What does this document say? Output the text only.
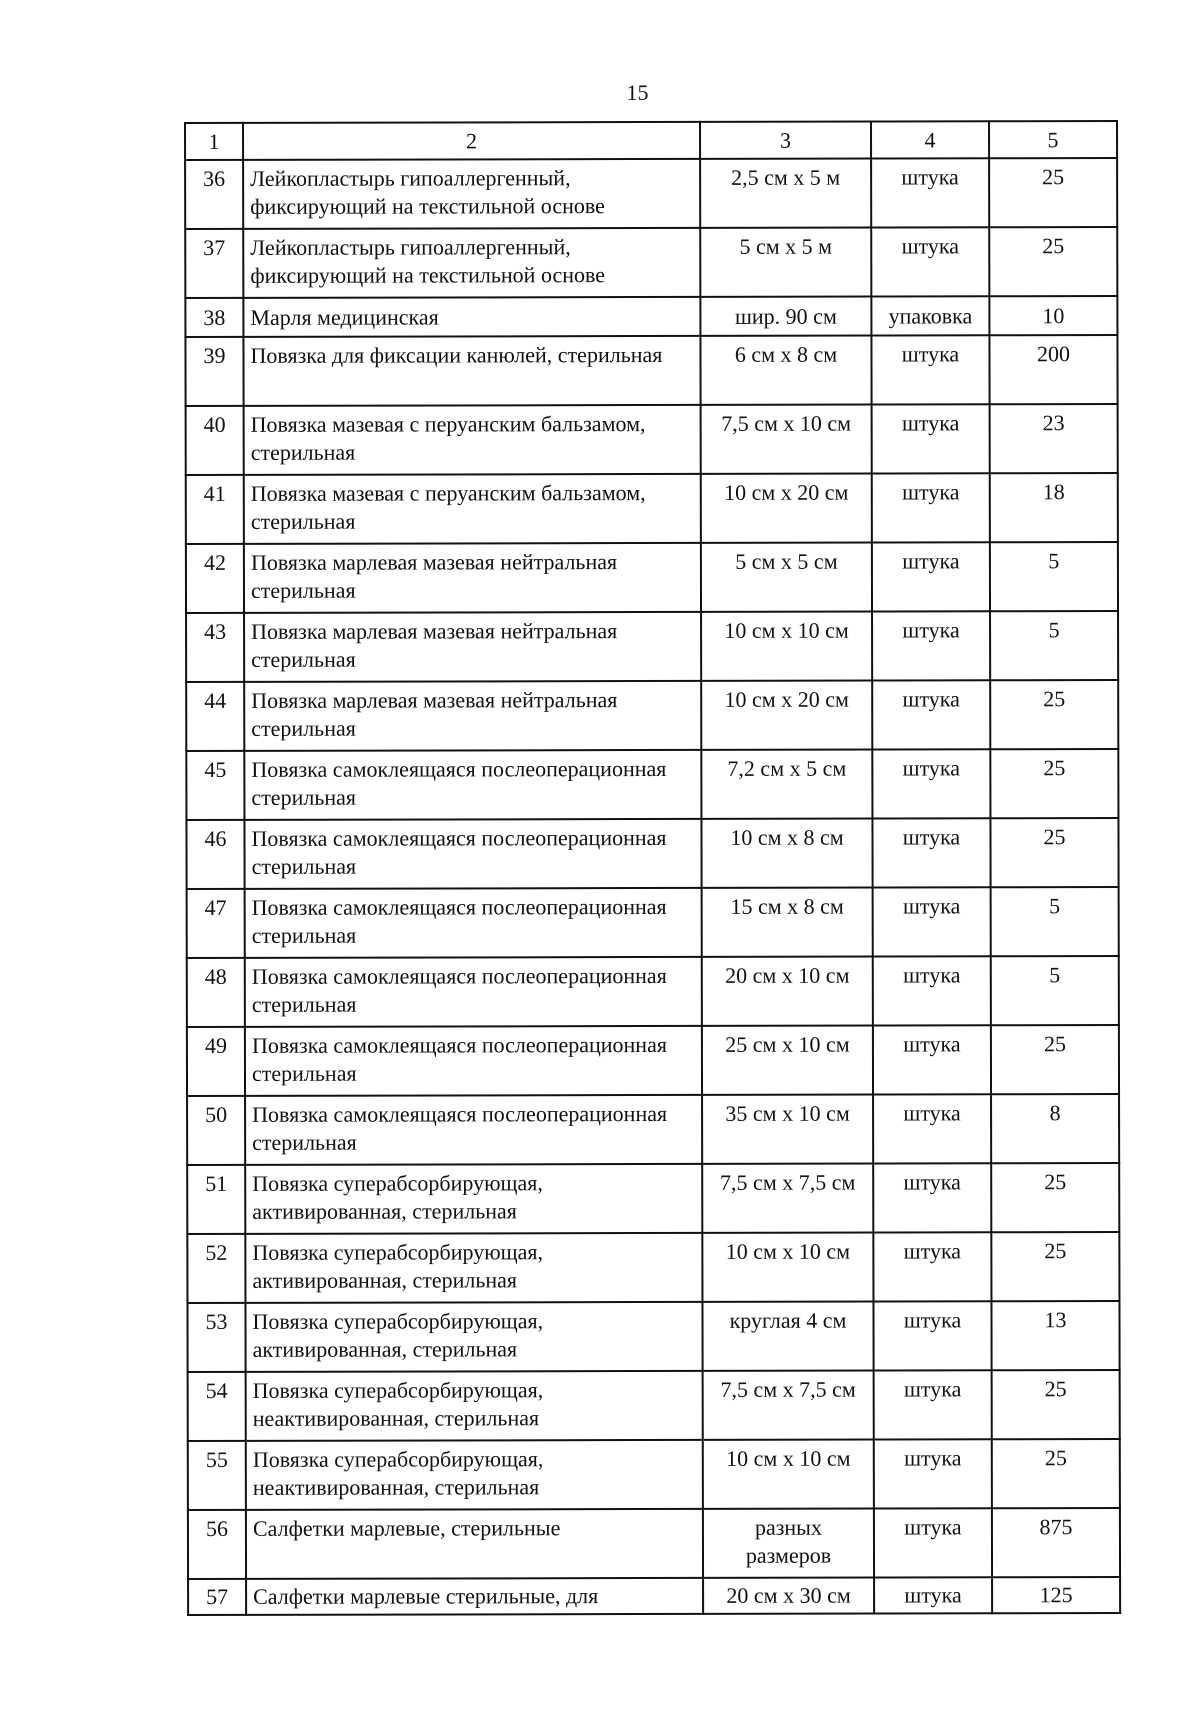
15
1	2	3	4	5
36	Лейкопластырь гипоаллергенный, фиксирующий на текстильной основе	2,5 см х 5 м	штука	25
37	Лейкопластырь гипоаллергенный, фиксирующий на текстильной основе	5 см х 5 м	штука	25
38	Марля медицинская	шир. 90 см	упаковка	10
39	Повязка для фиксации канюлей, стерильная	6 см х 8 см	штука	200
40	Повязка мазевая с перуанским бальзамом, стерильная	7,5 см х 10 см	штука	23
41	Повязка мазевая с перуанским бальзамом, стерильная	10 см х 20 см	штука	18
42	Повязка марлевая мазевая нейтральная стерильная	5 см х 5 см	штука	5
43	Повязка марлевая мазевая нейтральная стерильная	10 см х 10 см	штука	5
44	Повязка марлевая мазевая нейтральная стерильная	10 см х 20 см	штука	25
45	Повязка самоклеящаяся послеоперационная стерильная	7,2 см х 5 см	штука	25
46	Повязка самоклеящаяся послеоперационная стерильная	10 см х 8 см	штука	25
47	Повязка самоклеящаяся послеоперационная стерильная	15 см х 8 см	штука	5
48	Повязка самоклеящаяся послеоперационная стерильная	20 см х 10 см	штука	5
49	Повязка самоклеящаяся послеоперационная стерильная	25 см х 10 см	штука	25
50	Повязка самоклеящаяся послеоперационная стерильная	35 см х 10 см	штука	8
51	Повязка суперабсорбирующая, активированная, стерильная	7,5 см х 7,5 см	штука	25
52	Повязка суперабсорбирующая, активированная, стерильная	10 см х 10 см	штука	25
53	Повязка суперабсорбирующая, активированная, стерильная	круглая 4 см	штука	13
54	Повязка суперабсорбирующая, неактивированная, стерильная	7,5 см х 7,5 см	штука	25
55	Повязка суперабсорбирующая, неактивированная, стерильная	10 см х 10 см	штука	25
56	Салфетки марлевые, стерильные	разных размеров	штука	875
57	Салфетки марлевые стерильные, для	20 см х 30 см	штука	125
